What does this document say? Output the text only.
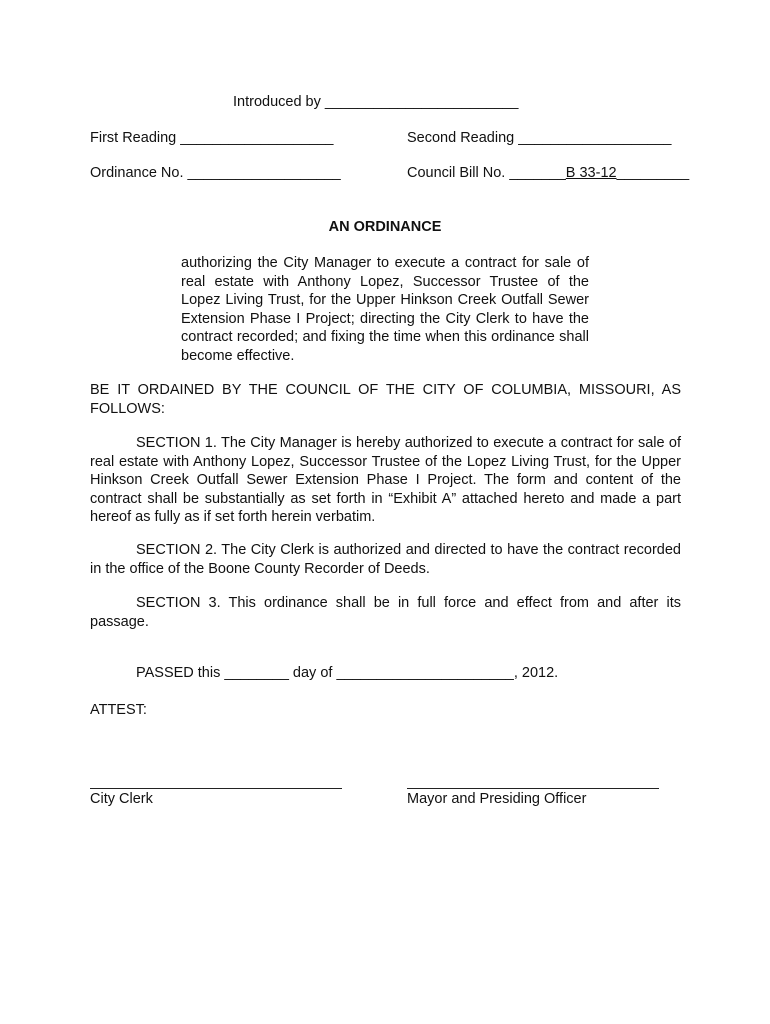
Introduced by ________________________
First Reading ___________________	Second Reading ___________________
Ordinance No. ___________________	Council Bill No. _______B 33-12_________
AN ORDINANCE
authorizing the City Manager to execute a contract for sale of real estate with Anthony Lopez, Successor Trustee of the Lopez Living Trust, for the Upper Hinkson Creek Outfall Sewer Extension Phase I Project; directing the City Clerk to have the contract recorded; and fixing the time when this ordinance shall become effective.
BE IT ORDAINED BY THE COUNCIL OF THE CITY OF COLUMBIA, MISSOURI, AS FOLLOWS:
SECTION 1. The City Manager is hereby authorized to execute a contract for sale of real estate with Anthony Lopez, Successor Trustee of the Lopez Living Trust, for the Upper Hinkson Creek Outfall Sewer Extension Phase I Project. The form and content of the contract shall be substantially as set forth in “Exhibit A” attached hereto and made a part hereof as fully as if set forth herein verbatim.
SECTION 2. The City Clerk is authorized and directed to have the contract recorded in the office of the Boone County Recorder of Deeds.
SECTION 3. This ordinance shall be in full force and effect from and after its passage.
PASSED this ________ day of ______________________, 2012.
ATTEST:
City Clerk	Mayor and Presiding Officer
